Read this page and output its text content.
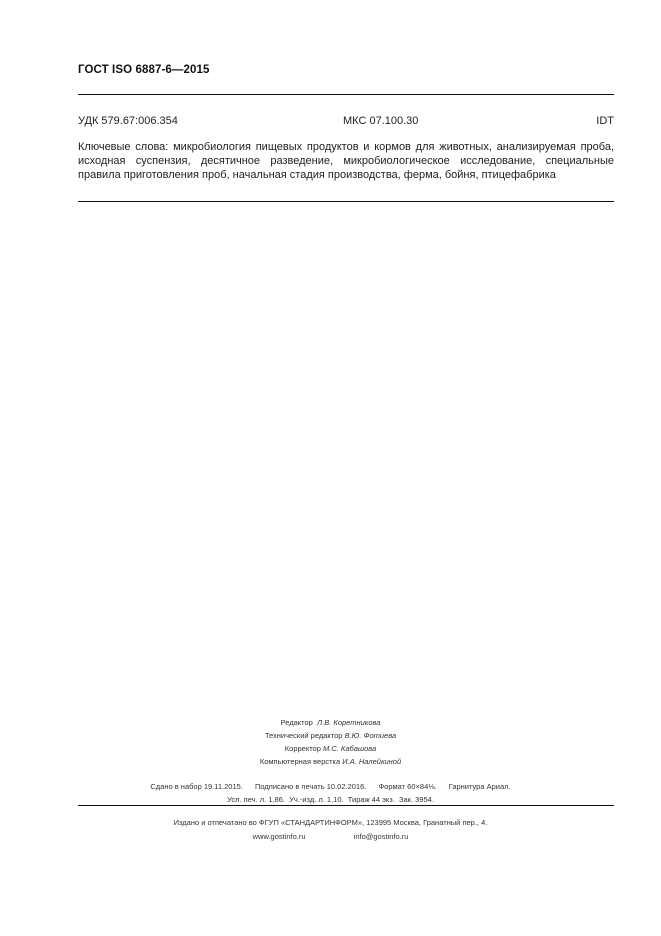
ГОСТ ISO 6887-6—2015
УДК 579.67:006.354	МКС 07.100.30	IDT
Ключевые слова: микробиология пищевых продуктов и кормов для животных, анализируемая проба, исходная суспензия, десятичное разведение, микробиологическое исследование, специальные правила приготовления проб, начальная стадия производства, ферма, бойня, птицефабрика
Редактор Л.В. Коретникова
Технический редактор В.Ю. Фотиева
Корректор М.С. Кабашова
Компьютерная верстка И.А. Налейкиной
Сдано в набор 19.11.2015. Подписано в печать 10.02.2016. Формат 60×84⅛. Гарнитура Ариал.
Усл. печ. л. 1,86. Уч.-изд. л. 1,10. Тираж 44 экз. Зак. 3954.
Издано и отпечатано во ФГУП «СТАНДАРТИНФОРМ», 123995 Москва, Гранатный пер., 4.
www.gostinfo.ru	info@gostinfo.ru
